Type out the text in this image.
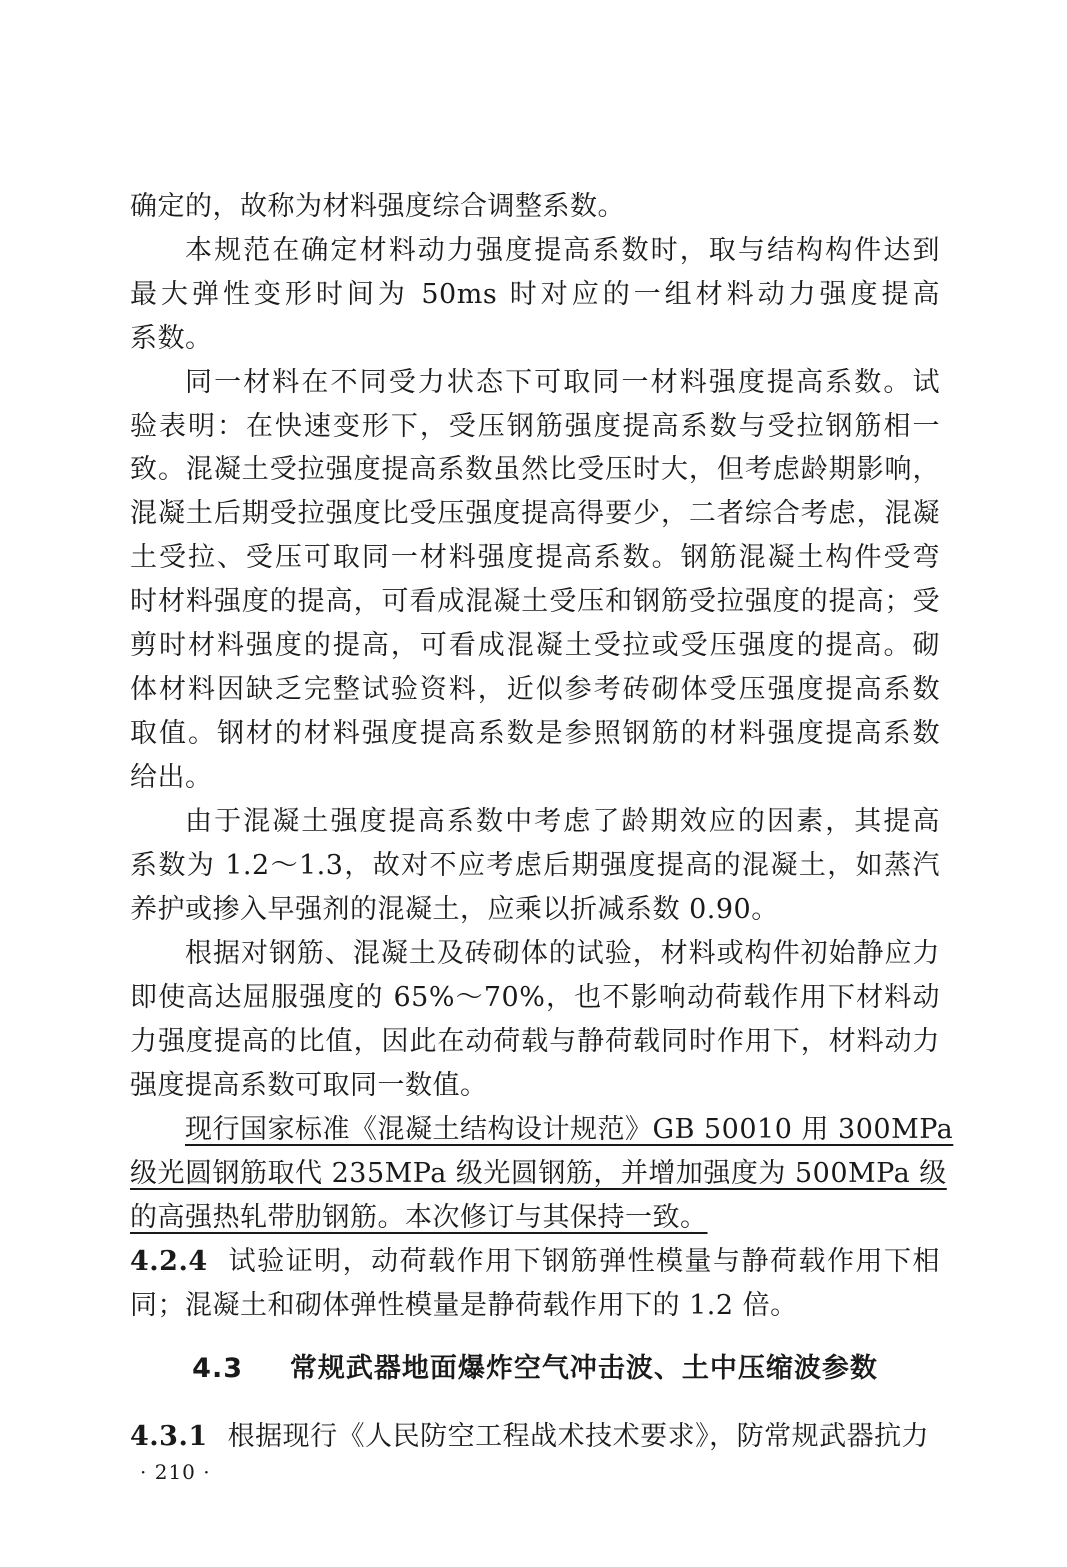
确定的，故称为材料强度综合调整系数。
本规范在确定材料动力强度提高系数时，取与结构构件达到
最大弹性变形时间为 50ms 时对应的一组材料动力强度提高
系数。
同一材料在不同受力状态下可取同一材料强度提高系数。试
验表明：在快速变形下，受压钢筋强度提高系数与受拉钢筋相一
致。混凝土受拉强度提高系数虽然比受压时大，但考虑龄期影响，
混凝土后期受拉强度比受压强度提高得要少，二者综合考虑，混凝
土受拉、受压可取同一材料强度提高系数。钢筋混凝土构件受弯
时材料强度的提高，可看成混凝土受压和钢筋受拉强度的提高；受
剪时材料强度的提高，可看成混凝土受拉或受压强度的提高。砌
体材料因缺乏完整试验资料，近似参考砖砌体受压强度提高系数
取值。钢材的材料强度提高系数是参照钢筋的材料强度提高系数
给出。
由于混凝土强度提高系数中考虑了龄期效应的因素，其提高
系数为 1.2～1.3，故对不应考虑后期强度提高的混凝土，如蒸汽
养护或掺入早强剂的混凝土，应乘以折减系数 0.90。
根据对钢筋、混凝土及砖砌体的试验，材料或构件初始静应力
即使高达屈服强度的 65%～70%，也不影响动荷载作用下材料动
力强度提高的比值，因此在动荷载与静荷载同时作用下，材料动力
强度提高系数可取同一数值。
现行国家标准《混凝土结构设计规范》GB 50010 用 300MPa
级光圆钢筋取代 235MPa 级光圆钢筋，并增加强度为 500MPa 级
的高强热轧带肋钢筋。本次修订与其保持一致。
4.2.4 试验证明，动荷载作用下钢筋弹性模量与静荷载作用下相
同；混凝土和砌体弹性模量是静荷载作用下的 1.2 倍。
4.3 常规武器地面爆炸空气冲击波、土中压缩波参数
4.3.1 根据现行《人民防空工程战术技术要求》，防常规武器抗力
· 210 ·
